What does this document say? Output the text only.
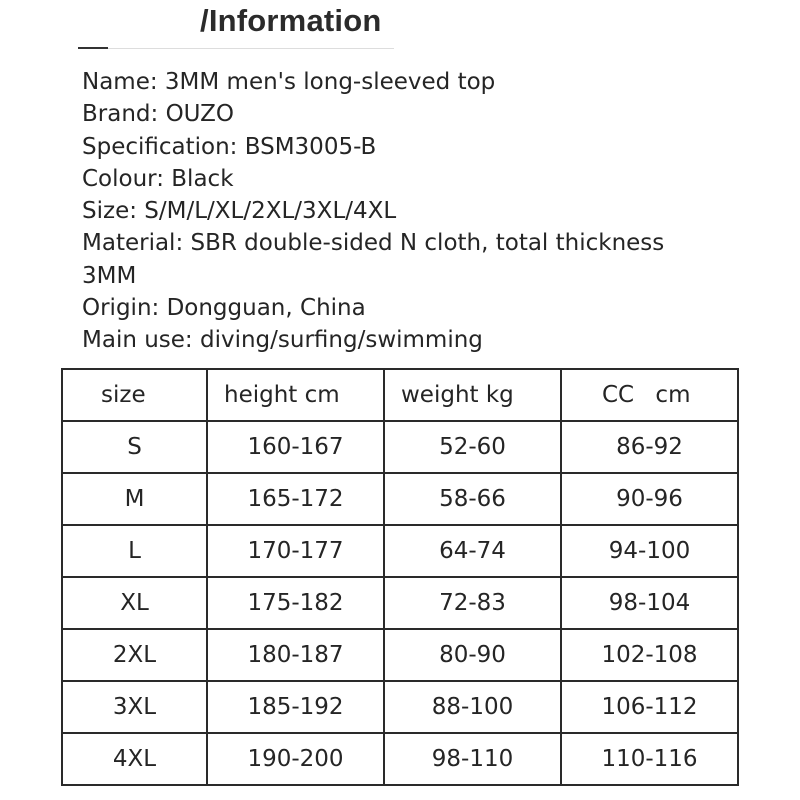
/Information
Name: 3MM men's long-sleeved top
Brand: OUZO
Specification: BSM3005-B
Colour: Black
Size: S/M/L/XL/2XL/3XL/4XL
Material: SBR double-sided N cloth, total thickness
3MM
Origin: Dongguan, China
Main use: diving/surfing/swimming
size	height cm	weight kg	CC cm
S	160-167	52-60	86-92
M	165-172	58-66	90-96
L	170-177	64-74	94-100
XL	175-182	72-83	98-104
2XL	180-187	80-90	102-108
3XL	185-192	88-100	106-112
4XL	190-200	98-110	110-116
